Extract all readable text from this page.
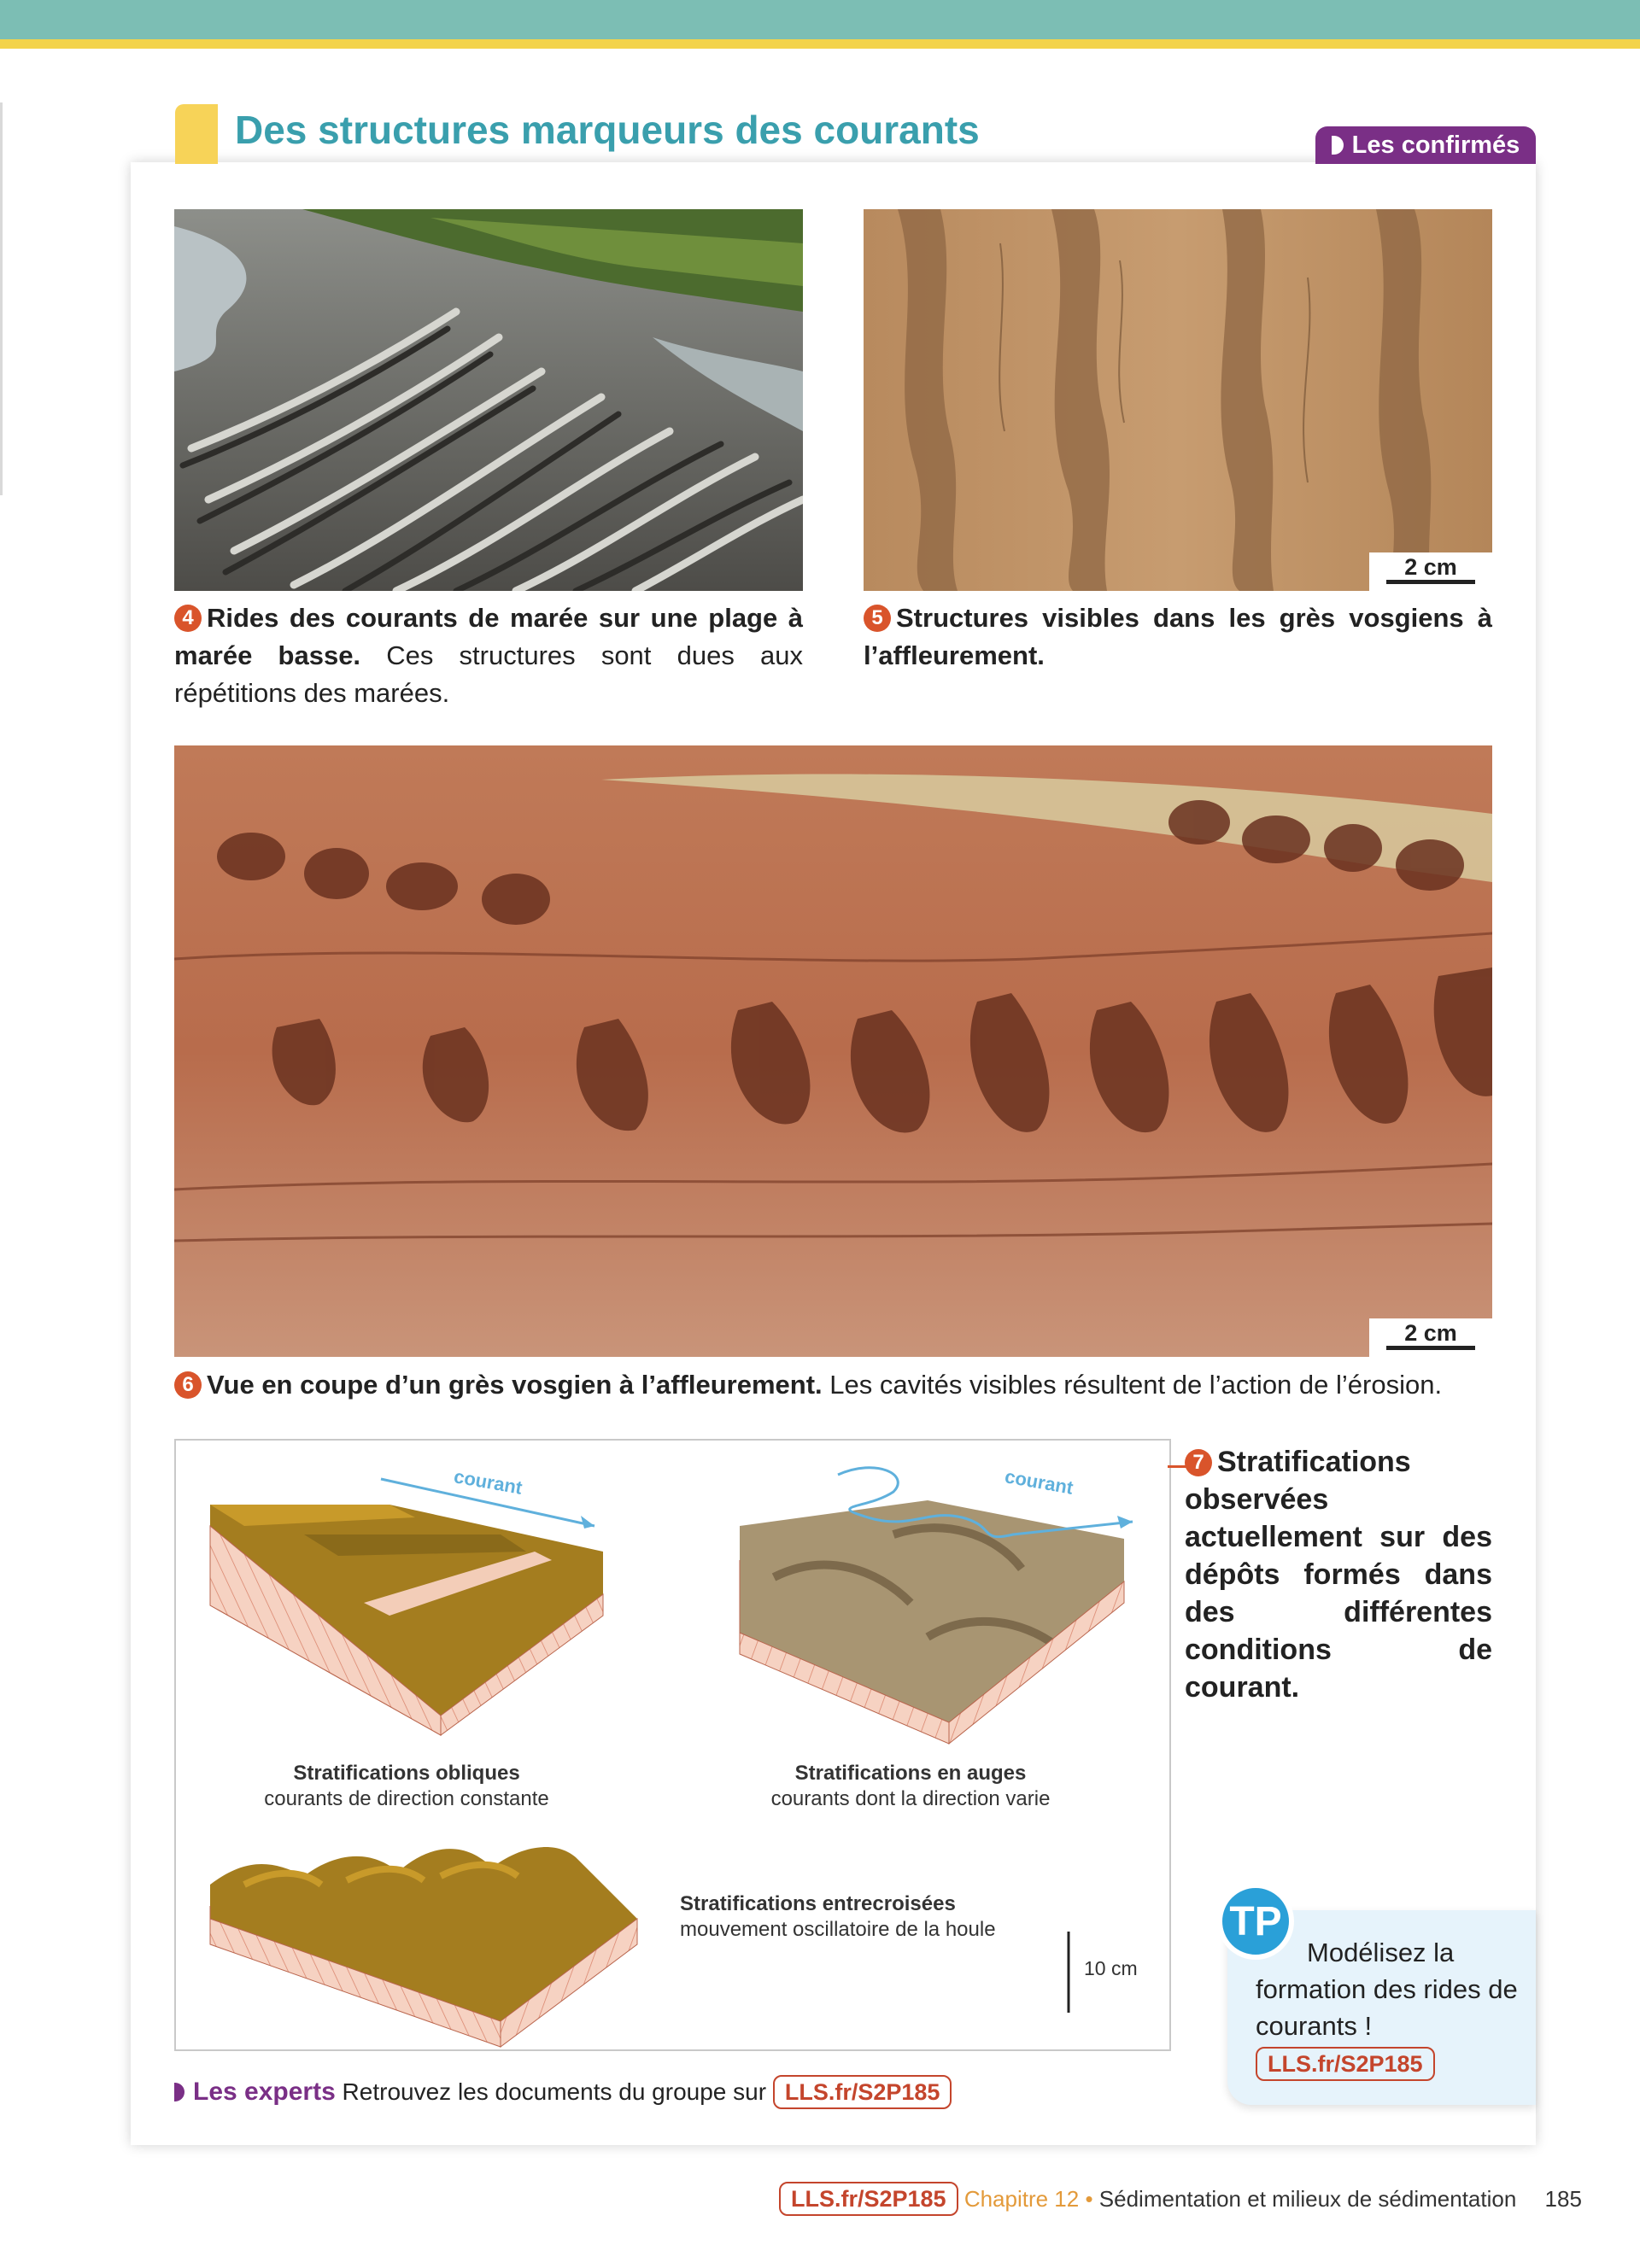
Des structures marqueurs des courants	Les confirmés
2 cm
4 Rides des courants de marée sur une plage à marée basse. Ces structures sont dues aux répétitions des marées.
5 Structures visibles dans les grès vosgiens à l’affleurement.
2 cm
6 Vue en coupe d’un grès vosgien à l’affleurement. Les cavités visibles résultent de l’action de l’érosion.
courant	courant
Stratifications obliques
courants de direction constante
Stratifications en auges
courants dont la direction varie
Stratifications entrecroisées
mouvement oscillatoire de la houle
10 cm
7 Stratifications observées actuellement sur des dépôts formés dans des différentes conditions de courant.
TP
Modélisez la formation des rides de courants !
LLS.fr/S2P185
Les experts Retrouvez les documents du groupe sur LLS.fr/S2P185
LLS.fr/S2P185 Chapitre 12 • Sédimentation et milieux de sédimentation 185
